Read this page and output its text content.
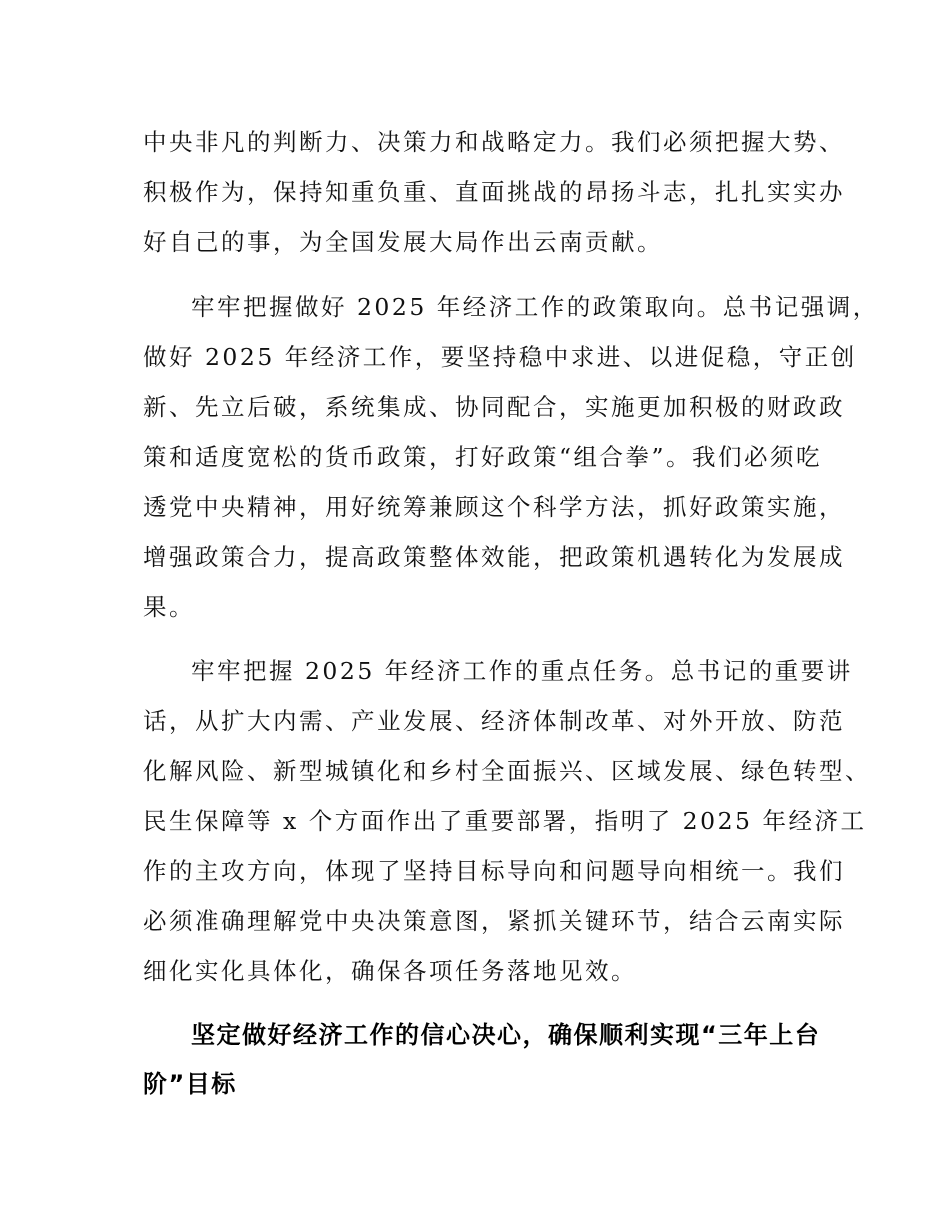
中央非凡的判断力、决策力和战略定力。我们必须把握大势、

积极作为，保持知重负重、直面挑战的昂扬斗志，扎扎实实办

好自己的事，为全国发展大局作出云南贡献。

牢牢把握做好 2025 年经济工作的政策取向。总书记强调，

做好 2025 年经济工作，要坚持稳中求进、以进促稳，守正创

新、先立后破，系统集成、协同配合，实施更加积极的财政政

策和适度宽松的货币政策，打好政策“组合拳”。我们必须吃

透党中央精神，用好统筹兼顾这个科学方法，抓好政策实施，

增强政策合力，提高政策整体效能，把政策机遇转化为发展成

果。

牢牢把握 2025 年经济工作的重点任务。总书记的重要讲

话，从扩大内需、产业发展、经济体制改革、对外开放、防范

化解风险、新型城镇化和乡村全面振兴、区域发展、绿色转型、

民生保障等 x 个方面作出了重要部署，指明了 2025 年经济工

作的主攻方向，体现了坚持目标导向和问题导向相统一。我们

必须准确理解党中央决策意图，紧抓关键环节，结合云南实际

细化实化具体化，确保各项任务落地见效。

坚定做好经济工作的信心决心，确保顺利实现“三年上台

阶”目标
